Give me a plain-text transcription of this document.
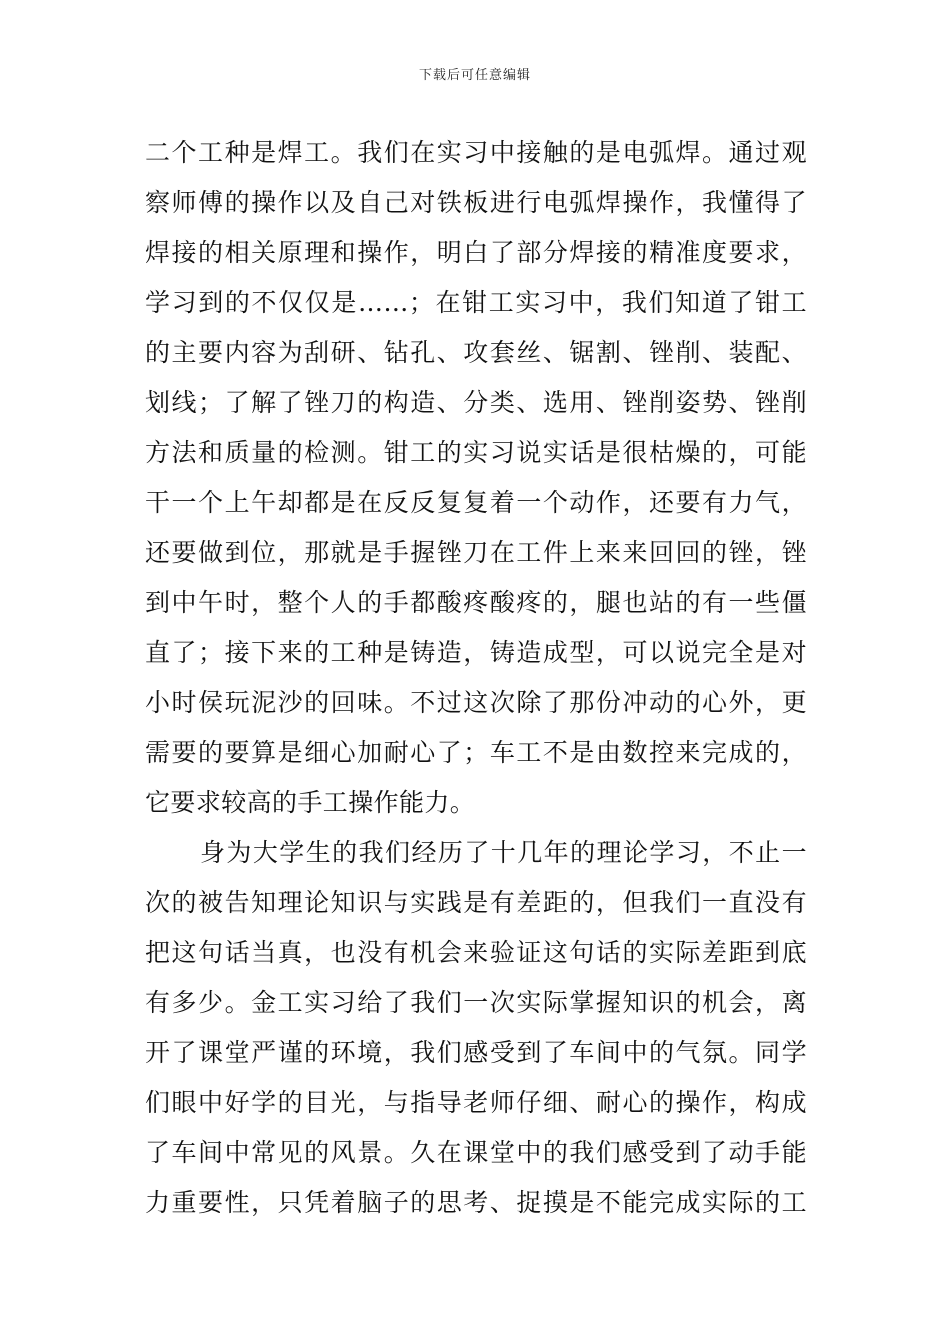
下载后可任意编辑
二个工种是焊工。我们在实习中接触的是电弧焊。通过观
察师傅的操作以及自己对铁板进行电弧焊操作，我懂得了
焊接的相关原理和操作，明白了部分焊接的精准度要求，
学习到的不仅仅是……；在钳工实习中，我们知道了钳工
的主要内容为刮研、钻孔、攻套丝、锯割、锉削、装配、
划线；了解了锉刀的构造、分类、选用、锉削姿势、锉削
方法和质量的检测。钳工的实习说实话是很枯燥的，可能
干一个上午却都是在反反复复着一个动作，还要有力气，
还要做到位，那就是手握锉刀在工件上来来回回的锉，锉
到中午时，整个人的手都酸疼酸疼的，腿也站的有一些僵
直了；接下来的工种是铸造，铸造成型，可以说完全是对
小时侯玩泥沙的回味。不过这次除了那份冲动的心外，更
需要的要算是细心加耐心了；车工不是由数控来完成的，
它要求较高的手工操作能力。
身为大学生的我们经历了十几年的理论学习，不止一
次的被告知理论知识与实践是有差距的，但我们一直没有
把这句话当真，也没有机会来验证这句话的实际差距到底
有多少。金工实习给了我们一次实际掌握知识的机会，离
开了课堂严谨的环境，我们感受到了车间中的气氛。同学
们眼中好学的目光，与指导老师仔细、耐心的操作，构成
了车间中常见的风景。久在课堂中的我们感受到了动手能
力重要性，只凭着脑子的思考、捉摸是不能完成实际的工
